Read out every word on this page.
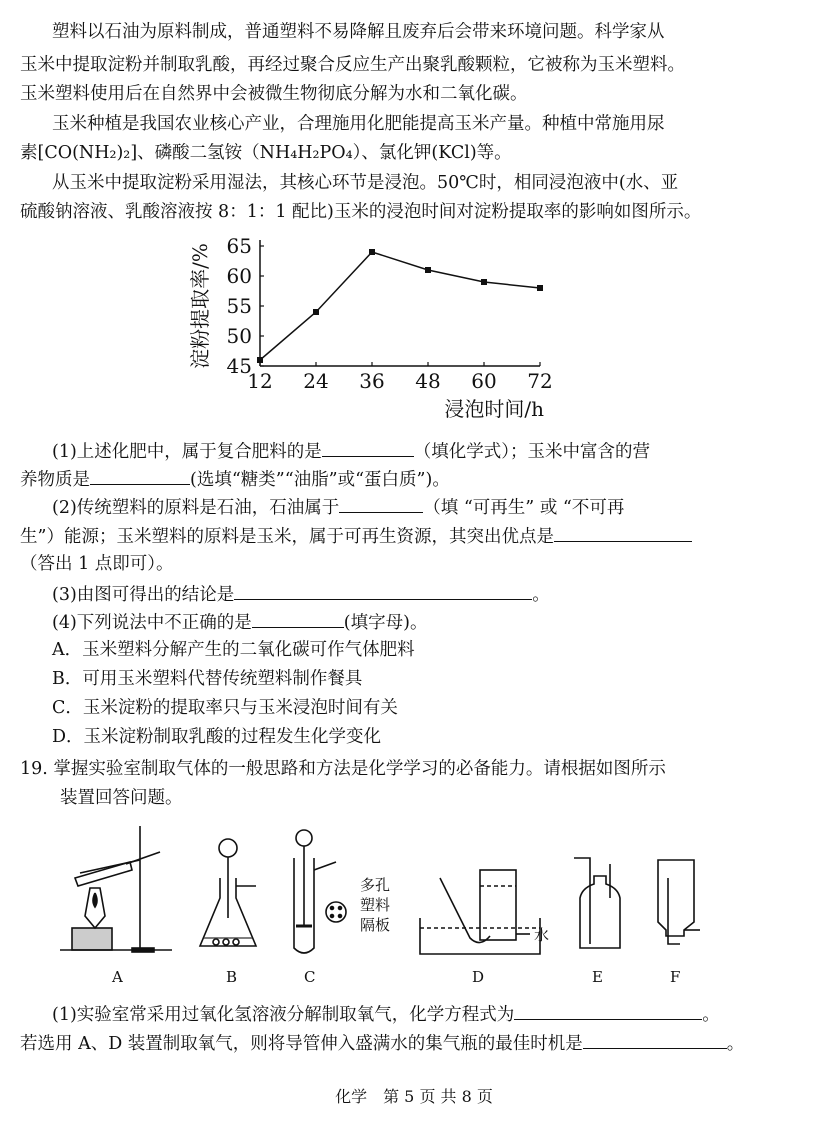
塑料以石油为原料制成，普通塑料不易降解且废弃后会带来环境问题。科学家从
玉米中提取淀粉并制取乳酸，再经过聚合反应生产出聚乳酸颗粒，它被称为玉米塑料。
玉米塑料使用后在自然界中会被微生物彻底分解为水和二氧化碳。
玉米种植是我国农业核心产业，合理施用化肥能提高玉米产量。种植中常施用尿
素[CO(NH₂)₂]、磷酸二氢铵（NH₄H₂PO₄）、氯化钾(KCl)等。
从玉米中提取淀粉采用湿法，其核心环节是浸泡。50℃时，相同浸泡液中(水、亚
硫酸钠溶液、乳酸溶液按 8：1：1 配比)玉米的浸泡时间对淀粉提取率的影响如图所示。
45
50
55
60
65
12 24 36 48 60 72
浸泡时间/h
淀粉提取率/%
(1)上述化肥中，属于复合肥料的是	（填化学式）；玉米中富含的营
养物质是	(选填“糖类”“油脂”或“蛋白质”)。
(2)传统塑料的原料是石油，石油属于	（填 “可再生” 或 “不可再
生”）能源；玉米塑料的原料是玉米，属于可再生资源，其突出优点是
（答出 1 点即可）。
(3)由图可得出的结论是	。
(4)下列说法中不正确的是	(填字母)。
A．玉米塑料分解产生的二氧化碳可作气体肥料
B．可用玉米塑料代替传统塑料制作餐具
C．玉米淀粉的提取率只与玉米浸泡时间有关
D．玉米淀粉制取乳酸的过程发生化学变化
19. 掌握实验室制取气体的一般思路和方法是化学学习的必备能力。请根据如图所示
装置回答问题。
A	B	C
多孔
塑料
隔板
D
水
E	F
(1)实验室常采用过氧化氢溶液分解制取氧气，化学方程式为	。
若选用 A、D 装置制取氧气，则将导管伸入盛满水的集气瓶的最佳时机是	。
化学　第 5 页 共 8 页
